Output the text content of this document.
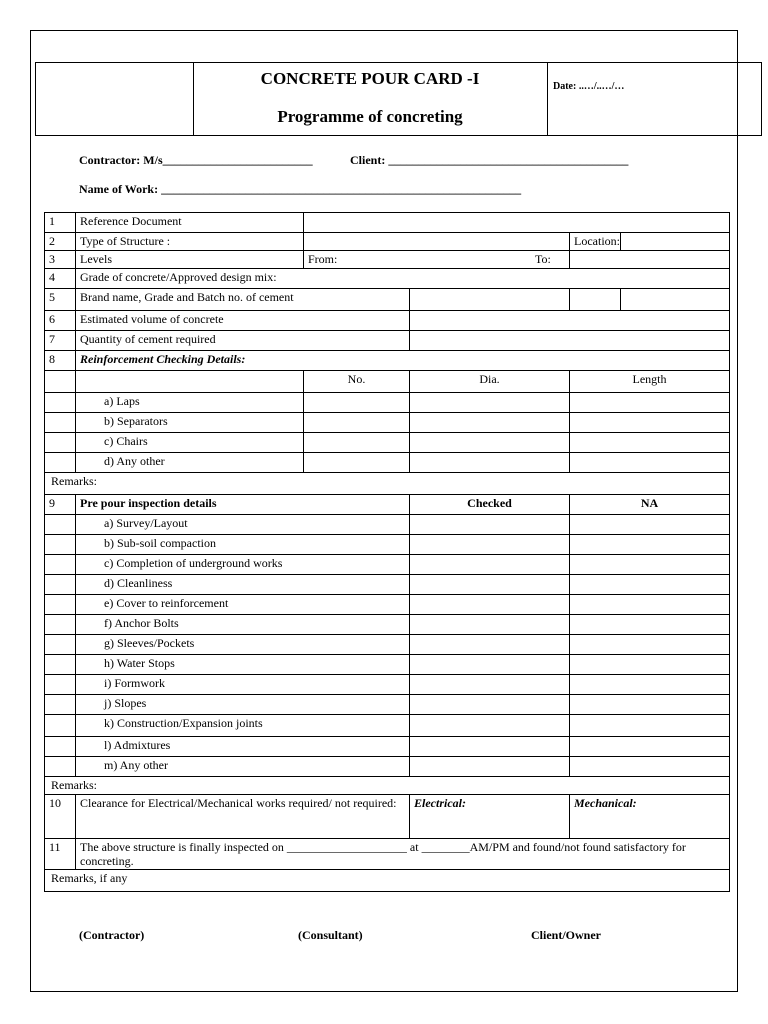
CONCRETE POUR CARD -I
Programme of concreting
Date: ..…/..…/…
Contractor: M/s_________________________	Client: ________________________________________
Name of Work: ____________________________________________________________
1	Reference Document				
2	Type of Structure :			Location:	
3	Levels	From:		To:	
4	Grade of concrete/Approved design mix:				
5	Brand name, Grade and Batch no. of cement				
6	Estimated volume of concrete				
7	Quantity of cement required				
8	Reinforcement Checking Details:				
		No.	Dia.	Length	
	a) Laps				
	b) Separators				
	c) Chairs				
	d) Any other				
Remarks:					
9	Pre pour inspection details		Checked	NA	
	a) Survey/Layout				
	b) Sub-soil compaction				
	c) Completion of underground works				
	d) Cleanliness				
	e) Cover to reinforcement				
	f) Anchor Bolts				
	g) Sleeves/Pockets				
	h) Water Stops				
	i) Formwork				
	j) Slopes				
	k) Construction/Expansion joints				
	l) Admixtures				
	m) Any other				
Remarks:					
10	Clearance for Electrical/Mechanical works required/ not required:		Electrical:	Mechanical:	
11	The above structure is finally inspected on ____________________ at ________AM/PM and found/not found satisfactory for concreting.				
Remarks, if any					
(Contractor)	(Consultant)	Client/Owner
